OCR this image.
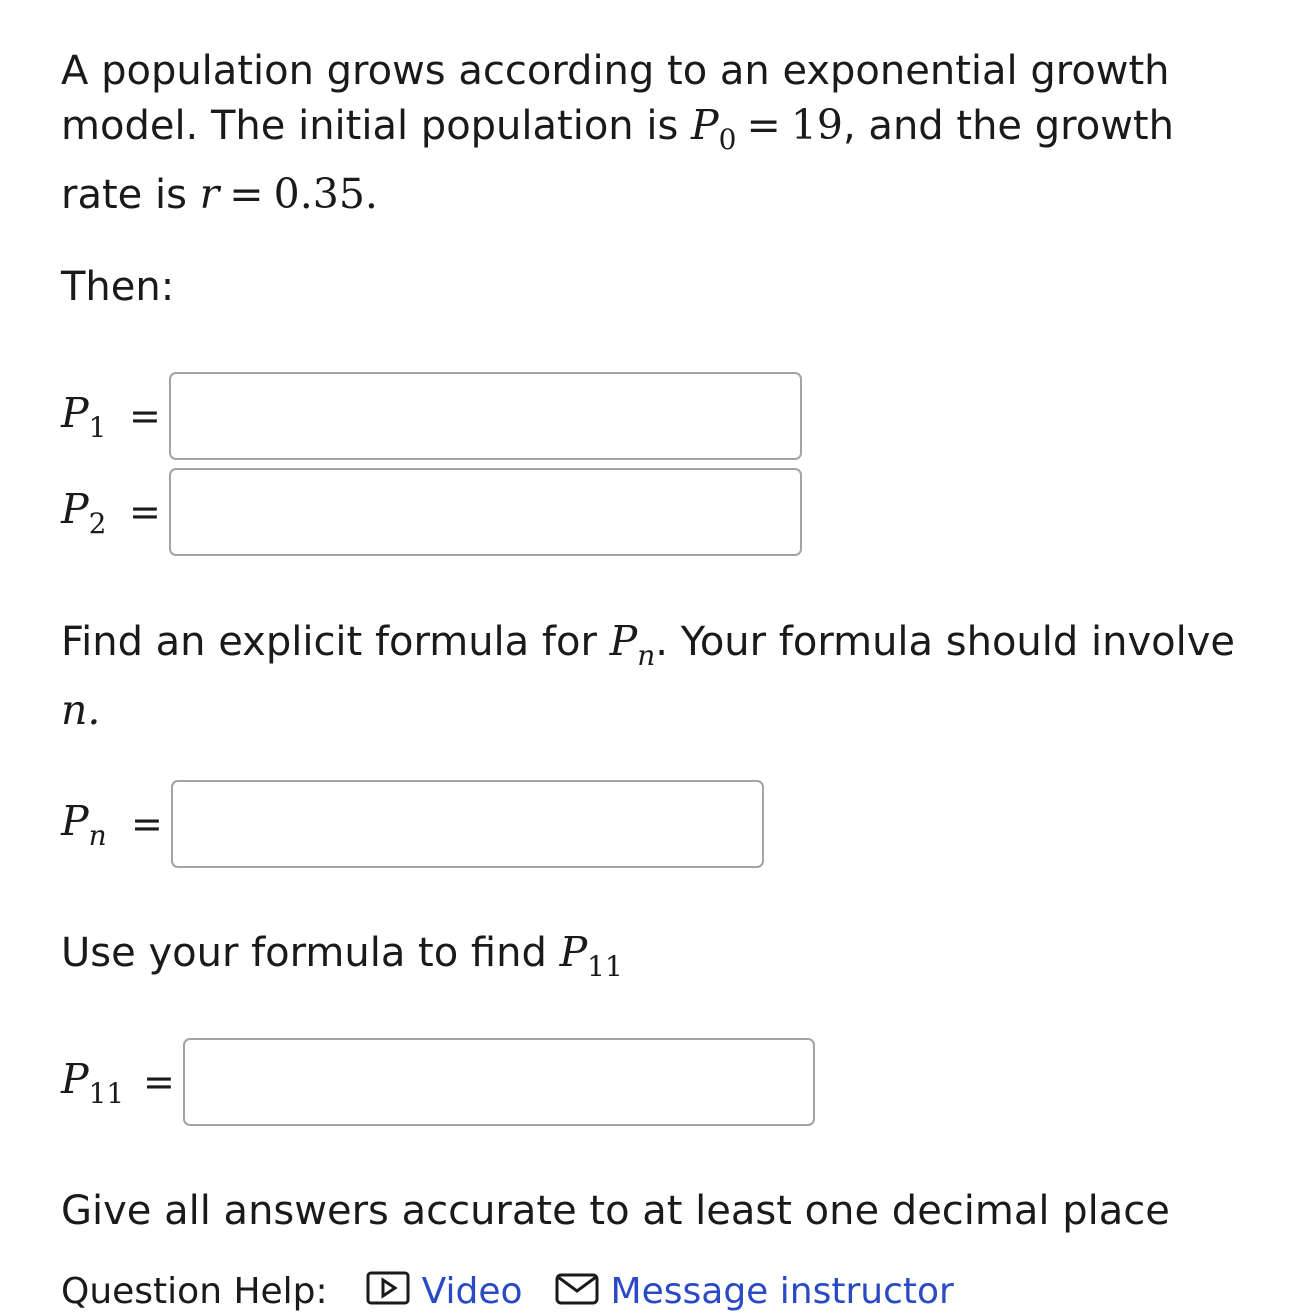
A population grows according to an exponential growth
model. The initial population is $P_0 = 19$, and the growth
rate is r = 0.35.
Then:
$P_1$ =
$P_2$ =
Find an explicit formula for $P_n$. Your formula should involve
n.
$P_n$ =
Use your formula to find $P_{11}$
$P_{11}$ =
Give all answers accurate to at least one decimal place
Question Help:	Video Message instructor
